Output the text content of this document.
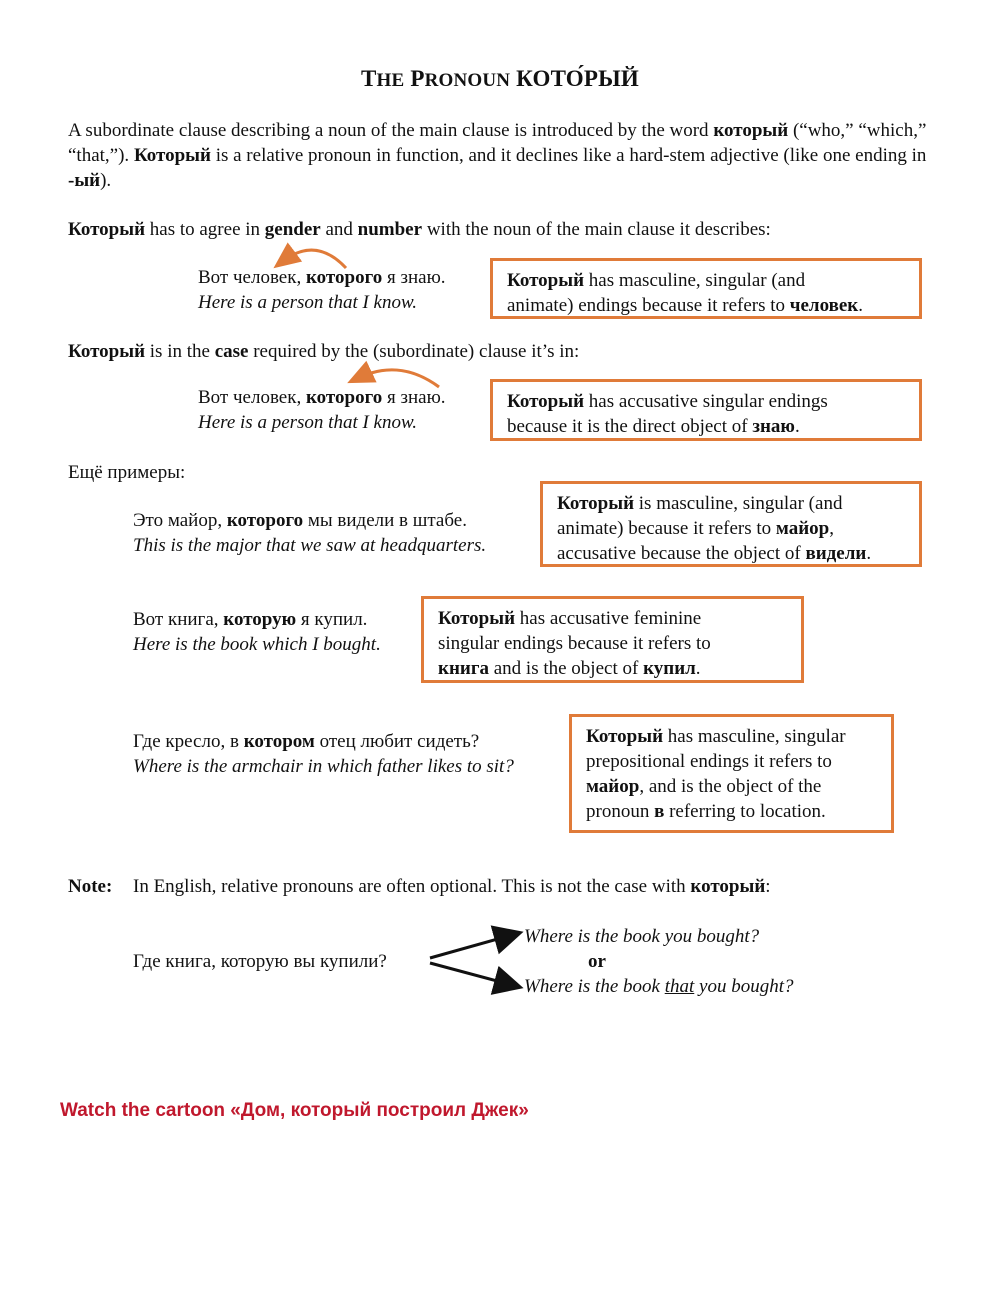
THE PRONOUN КОТО́РЫЙ
A subordinate clause describing a noun of the main clause is introduced by the word который (“who,” “which,” “that,”). Который is a relative pronoun in function, and it declines like a hard-stem adjective (like one ending in -ый).
Который has to agree in gender and number with the noun of the main clause it describes:
Вот человек, которого я знаю.
Here is a person that I know.
Который has masculine, singular (and
animate) endings because it refers to человек.
Который is in the case required by the (subordinate) clause it’s in:
Вот человек, которого я знаю.
Here is a person that I know.
Который has accusative singular endings
because it is the direct object of знаю.
Ещё примеры:
Это майор, которого мы видели в штабе.
This is the major that we saw at headquarters.
Который is masculine, singular (and
animate) because it refers to майор,
accusative because the object of видели.
Вот книга, которую я купил.
Here is the book which I bought.
Который has accusative feminine
singular endings because it refers to
книга and is the object of купил.
Где кресло, в котором отец любит сидеть?
Where is the armchair in which father likes to sit?
Который has masculine, singular
prepositional endings it refers to
майор, and is the object of the
pronoun в referring to location.
Note: In English, relative pronouns are often optional. This is not the case with который:
Где книга, которую вы купили?
Where is the book you bought?
or
Where is the book that you bought?
Watch the cartoon «Дом, который построил Джек»
